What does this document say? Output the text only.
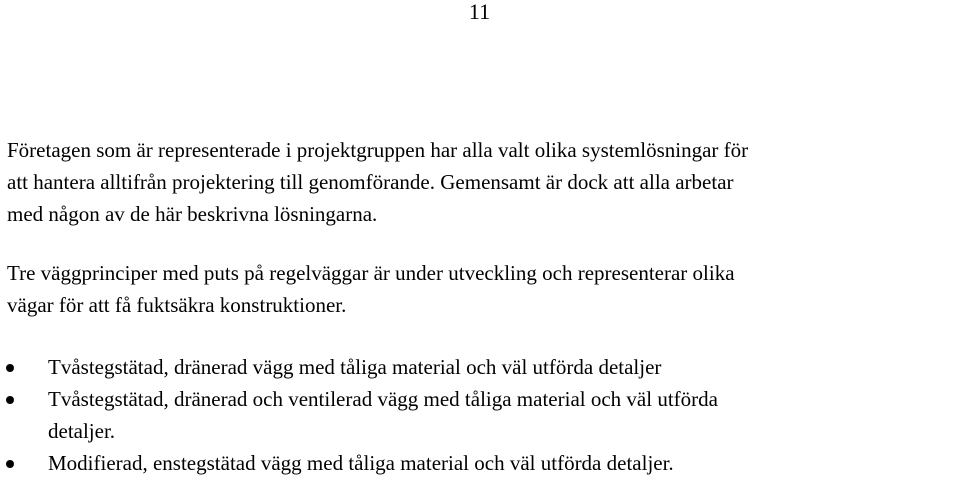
11

Företagen som är representerade i projektgruppen har alla valt olika systemlösningar för
att hantera alltifrån projektering till genomförande. Gemensamt är dock att alla arbetar
med någon av de här beskrivna lösningarna.

Tre väggprinciper med puts på regelväggar är under utveckling och representerar olika
vägar för att få fuktsäkra konstruktioner.

Tvåstegstätad, dränerad vägg med tåliga material och väl utförda detaljer
Tvåstegstätad, dränerad och ventilerad vägg med tåliga material och väl utförda
detaljer.
Modifierad, enstegstätad vägg med tåliga material och väl utförda detaljer.
